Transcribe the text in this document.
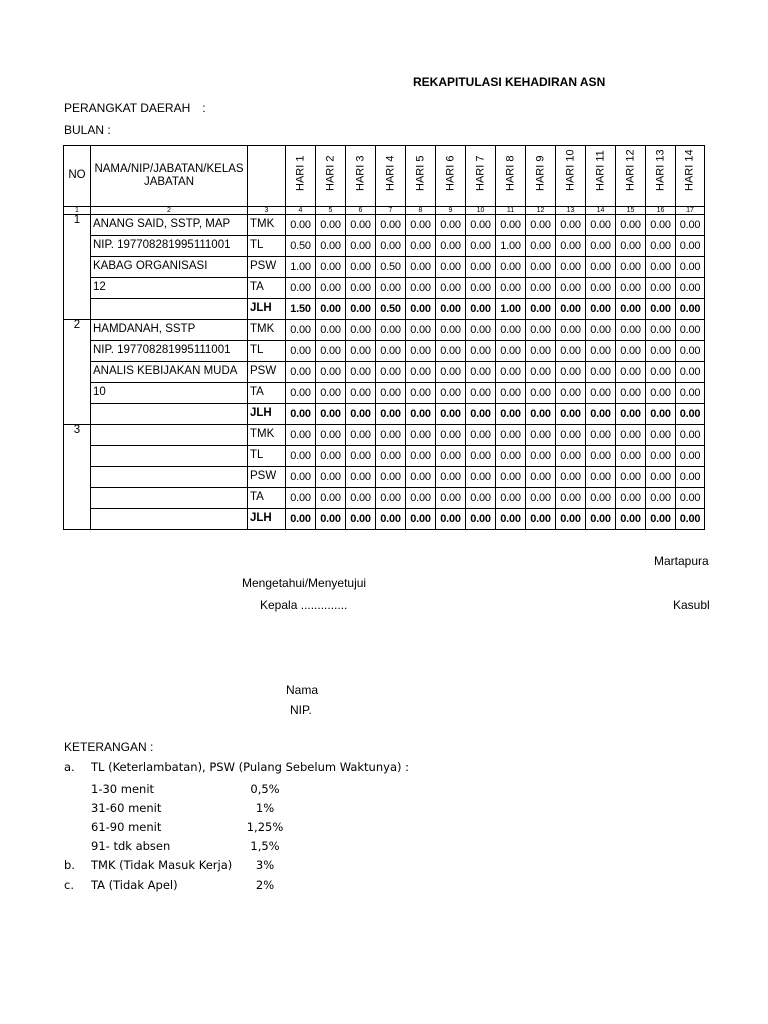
REKAPITULASI KEHADIRAN ASN
PERANGKAT DAERAH :
BULAN :
NO	NAMA/NIP/JABATAN/KELAS JABATAN		HARI 1	HARI 2	HARI 3	HARI 4	HARI 5	HARI 6	HARI 7	HARI 8	HARI 9	HARI 10	HARI 11	HARI 12	HARI 13	HARI 14

1	2	3	4	5	6	7	8	9	10	11	12	13	14	15	16	17
1	ANANG SAID, SSTP, MAP	TMK	0.00	0.00	0.00	0.00	0.00	0.00	0.00	0.00	0.00	0.00	0.00	0.00	0.00	0.00
	NIP. 197708281995111001	TL	0.50	0.00	0.00	0.00	0.00	0.00	0.00	1.00	0.00	0.00	0.00	0.00	0.00	0.00
	KABAG ORGANISASI	PSW	1.00	0.00	0.00	0.50	0.00	0.00	0.00	0.00	0.00	0.00	0.00	0.00	0.00	0.00
	12	TA	0.00	0.00	0.00	0.00	0.00	0.00	0.00	0.00	0.00	0.00	0.00	0.00	0.00	0.00
		JLH	1.50	0.00	0.00	0.50	0.00	0.00	0.00	1.00	0.00	0.00	0.00	0.00	0.00	0.00
2	HAMDANAH, SSTP	TMK	0.00	0.00	0.00	0.00	0.00	0.00	0.00	0.00	0.00	0.00	0.00	0.00	0.00	0.00
	NIP. 197708281995111001	TL	0.00	0.00	0.00	0.00	0.00	0.00	0.00	0.00	0.00	0.00	0.00	0.00	0.00	0.00
	ANALIS KEBIJAKAN MUDA	PSW	0.00	0.00	0.00	0.00	0.00	0.00	0.00	0.00	0.00	0.00	0.00	0.00	0.00	0.00
	10	TA	0.00	0.00	0.00	0.00	0.00	0.00	0.00	0.00	0.00	0.00	0.00	0.00	0.00	0.00
		JLH	0.00	0.00	0.00	0.00	0.00	0.00	0.00	0.00	0.00	0.00	0.00	0.00	0.00	0.00
3		TMK	0.00	0.00	0.00	0.00	0.00	0.00	0.00	0.00	0.00	0.00	0.00	0.00	0.00	0.00
		TL	0.00	0.00	0.00	0.00	0.00	0.00	0.00	0.00	0.00	0.00	0.00	0.00	0.00	0.00
		PSW	0.00	0.00	0.00	0.00	0.00	0.00	0.00	0.00	0.00	0.00	0.00	0.00	0.00	0.00
		TA	0.00	0.00	0.00	0.00	0.00	0.00	0.00	0.00	0.00	0.00	0.00	0.00	0.00	0.00
		JLH	0.00	0.00	0.00	0.00	0.00	0.00	0.00	0.00	0.00	0.00	0.00	0.00	0.00	0.00
Martapura
Mengetahui/Menyetujui
Kepala ..............	Kasubl
Nama
NIP.
KETERANGAN :
a. TL (Keterlambatan), PSW (Pulang Sebelum Waktunya) :
1-30 menit	0,5%
31-60 menit	1%
61-90 menit	1,25%
91- tdk absen	1,5%
b. TMK (Tidak Masuk Kerja)	3%
c. TA (Tidak Apel)	2%
